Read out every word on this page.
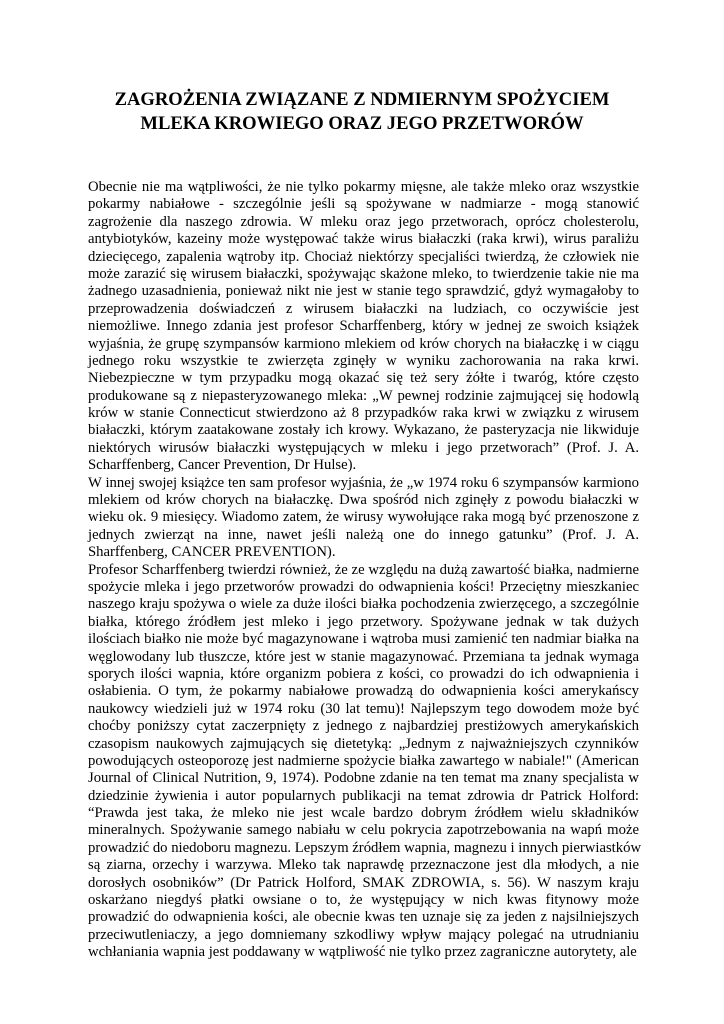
ZAGROŻENIA ZWIĄZANE Z NDMIERNYM SPOŻYCIEM
MLEKA KROWIEGO ORAZ JEGO PRZETWORÓW
Obecnie nie ma wątpliwości, że nie tylko pokarmy mięsne, ale także mleko oraz wszystkie
pokarmy nabiałowe - szczególnie jeśli są spożywane w nadmiarze - mogą stanowić
zagrożenie dla naszego zdrowia. W mleku oraz jego przetworach, oprócz cholesterolu,
antybiotyków, kazeiny może występować także wirus białaczki (raka krwi), wirus paraliżu
dziecięcego, zapalenia wątroby itp. Chociaż niektórzy specjaliści twierdzą, że człowiek nie
może zarazić się wirusem białaczki, spożywając skażone mleko, to twierdzenie takie nie ma
żadnego uzasadnienia, ponieważ nikt nie jest w stanie tego sprawdzić, gdyż wymagałoby to
przeprowadzenia doświadczeń z wirusem białaczki na ludziach, co oczywiście jest
niemożliwe. Innego zdania jest profesor Scharffenberg, który w jednej ze swoich książek
wyjaśnia, że grupę szympansów karmiono mlekiem od krów chorych na białaczkę i w ciągu
jednego roku wszystkie te zwierzęta zginęły w wyniku zachorowania na raka krwi.
Niebezpieczne w tym przypadku mogą okazać się też sery żółte i twaróg, które często
produkowane są z niepasteryzowanego mleka: „W pewnej rodzinie zajmującej się hodowlą
krów w stanie Connecticut stwierdzono aż 8 przypadków raka krwi w związku z wirusem
białaczki, którym zaatakowane zostały ich krowy. Wykazano, że pasteryzacja nie likwiduje
niektórych wirusów białaczki występujących w mleku i jego przetworach” (Prof. J. A.
Scharffenberg, Cancer Prevention, Dr Hulse).
W innej swojej książce ten sam profesor wyjaśnia, że „w 1974 roku 6 szympansów karmiono
mlekiem od krów chorych na białaczkę. Dwa spośród nich zginęły z powodu białaczki w
wieku ok. 9 miesięcy. Wiadomo zatem, że wirusy wywołujące raka mogą być przenoszone z
jednych zwierząt na inne, nawet jeśli należą one do innego gatunku” (Prof. J. A.
Sharffenberg, CANCER PREVENTION).
Profesor Scharffenberg twierdzi również, że ze względu na dużą zawartość białka, nadmierne
spożycie mleka i jego przetworów prowadzi do odwapnienia kości! Przeciętny mieszkaniec
naszego kraju spożywa o wiele za duże ilości białka pochodzenia zwierzęcego, a szczególnie
białka, którego źródłem jest mleko i jego przetwory. Spożywane jednak w tak dużych
ilościach białko nie może być magazynowane i wątroba musi zamienić ten nadmiar białka na
węglowodany lub tłuszcze, które jest w stanie magazynować. Przemiana ta jednak wymaga
sporych ilości wapnia, które organizm pobiera z kości, co prowadzi do ich odwapnienia i
osłabienia. O tym, że pokarmy nabiałowe prowadzą do odwapnienia kości amerykańscy
naukowcy wiedzieli już w 1974 roku (30 lat temu)! Najlepszym tego dowodem może być
choćby poniższy cytat zaczerpnięty z jednego z najbardziej prestiżowych amerykańskich
czasopism naukowych zajmujących się dietetyką: „Jednym z najważniejszych czynników
powodujących osteoporozę jest nadmierne spożycie białka zawartego w nabiale!" (American
Journal of Clinical Nutrition, 9, 1974). Podobne zdanie na ten temat ma znany specjalista w
dziedzinie żywienia i autor popularnych publikacji na temat zdrowia dr Patrick Holford:
“Prawda jest taka, że mleko nie jest wcale bardzo dobrym źródłem wielu składników
mineralnych. Spożywanie samego nabiału w celu pokrycia zapotrzebowania na wapń może
prowadzić do niedoboru magnezu. Lepszym źródłem wapnia, magnezu i innych pierwiastków
są ziarna, orzechy i warzywa. Mleko tak naprawdę przeznaczone jest dla młodych, a nie
dorosłych osobników” (Dr Patrick Holford, SMAK ZDROWIA, s. 56). W naszym kraju
oskarżano niegdyś płatki owsiane o to, że występujący w nich kwas fitynowy może
prowadzić do odwapnienia kości, ale obecnie kwas ten uznaje się za jeden z najsilniejszych
przeciwutleniaczy, a jego domniemany szkodliwy wpływ mający polegać na utrudnianiu
wchłaniania wapnia jest poddawany w wątpliwość nie tylko przez zagraniczne autorytety, ale
